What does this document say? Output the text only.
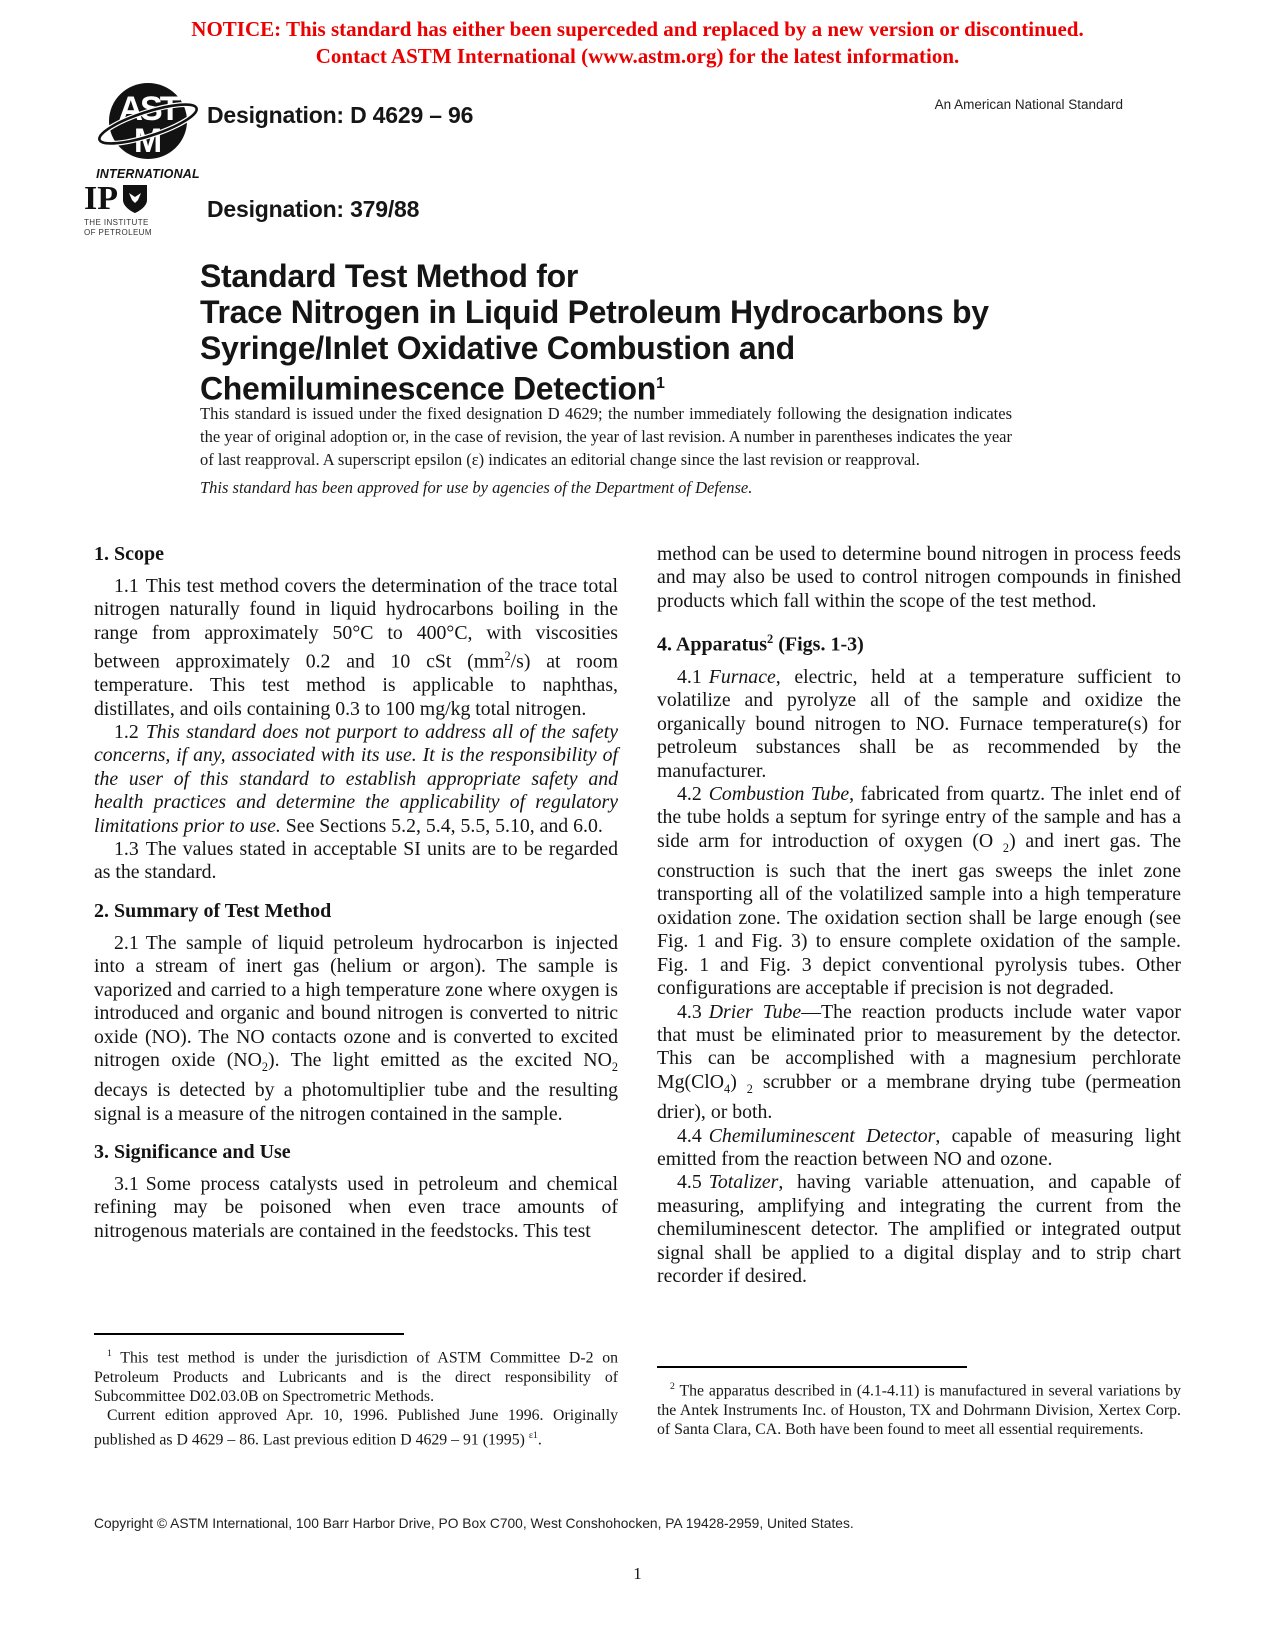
NOTICE: This standard has either been superceded and replaced by a new version or discontinued.
Contact ASTM International (www.astm.org) for the latest information.
AST
M
INTERNATIONAL
Designation: D 4629 – 96	An American National Standard
IP
THE INSTITUTE
OF PETROLEUM
Designation: 379/88
Standard Test Method for
Trace Nitrogen in Liquid Petroleum Hydrocarbons by
Syringe/Inlet Oxidative Combustion and
Chemiluminescence Detection$^1$
This standard is issued under the fixed designation D 4629; the number immediately following the designation indicates the year of original adoption or, in the case of revision, the year of last revision. A number in parentheses indicates the year of last reapproval. A superscript epsilon (ε) indicates an editorial change since the last revision or reapproval.
This standard has been approved for use by agencies of the Department of Defense.
1. Scope

1.1 This test method covers the determination of the trace total nitrogen naturally found in liquid hydrocarbons boiling in the range from approximately 50°C to 400°C, with viscosities between approximately 0.2 and 10 cSt $(mm^2/s)$ at room temperature. This test method is applicable to naphthas, distillates, and oils containing 0.3 to 100 mg/kg total nitrogen.

1.2 This standard does not purport to address all of the safety concerns, if any, associated with its use. It is the responsibility of the user of this standard to establish appropriate safety and health practices and determine the applicability of regulatory limitations prior to use. See Sections 5.2, 5.4, 5.5, 5.10, and 6.0.

1.3 The values stated in acceptable SI units are to be regarded as the standard.

2. Summary of Test Method

2.1 The sample of liquid petroleum hydrocarbon is injected into a stream of inert gas (helium or argon). The sample is vaporized and carried to a high temperature zone where oxygen is introduced and organic and bound nitrogen is converted to nitric oxide (NO). The NO contacts ozone and is converted to excited nitrogen oxide $(NO_2)$. The light emitted as the excited $NO_2$ decays is detected by a photomultiplier tube and the resulting signal is a measure of the nitrogen contained in the sample.

3. Significance and Use

3.1 Some process catalysts used in petroleum and chemical refining may be poisoned when even trace amounts of nitrogenous materials are contained in the feedstocks. This test

method can be used to determine bound nitrogen in process feeds and may also be used to control nitrogen compounds in finished products which fall within the scope of the test method.

4. Apparatus$^2$ (Figs. 1-3)

4.1 Furnace, electric, held at a temperature sufficient to volatilize and pyrolyze all of the sample and oxidize the organically bound nitrogen to NO. Furnace temperature(s) for petroleum substances shall be as recommended by the manufacturer.

4.2 Combustion Tube, fabricated from quartz. The inlet end of the tube holds a septum for syringe entry of the sample and has a side arm for introduction of oxygen (O $_2$) and inert gas. The construction is such that the inert gas sweeps the inlet zone transporting all of the volatilized sample into a high temperature oxidation zone. The oxidation section shall be large enough (see Fig. 1 and Fig. 3) to ensure complete oxidation of the sample. Fig. 1 and Fig. 3 depict conventional pyrolysis tubes. Other configurations are acceptable if precision is not degraded.

4.3 Drier Tube—The reaction products include water vapor that must be eliminated prior to measurement by the detector. This can be accomplished with a magnesium perchlorate Mg(ClO$_4$) $_2$ scrubber or a membrane drying tube (permeation drier), or both.

4.4 Chemiluminescent Detector, capable of measuring light emitted from the reaction between NO and ozone.

4.5 Totalizer, having variable attenuation, and capable of measuring, amplifying and integrating the current from the chemiluminescent detector. The amplified or integrated output signal shall be applied to a digital display and to strip chart recorder if desired.

$^1$ This test method is under the jurisdiction of ASTM Committee D-2 on Petroleum Products and Lubricants and is the direct responsibility of Subcommittee D02.03.0B on Spectrometric Methods.

Current edition approved Apr. 10, 1996. Published June 1996. Originally published as D 4629 – 86. Last previous edition D 4629 – 91 (1995) $^{\varepsilon 1}$.

$^2$ The apparatus described in (4.1-4.11) is manufactured in several variations by the Antek Instruments Inc. of Houston, TX and Dohrmann Division, Xertex Corp. of Santa Clara, CA. Both have been found to meet all essential requirements.

Copyright © ASTM International, 100 Barr Harbor Drive, PO Box C700, West Conshohocken, PA 19428-2959, United States.
1
